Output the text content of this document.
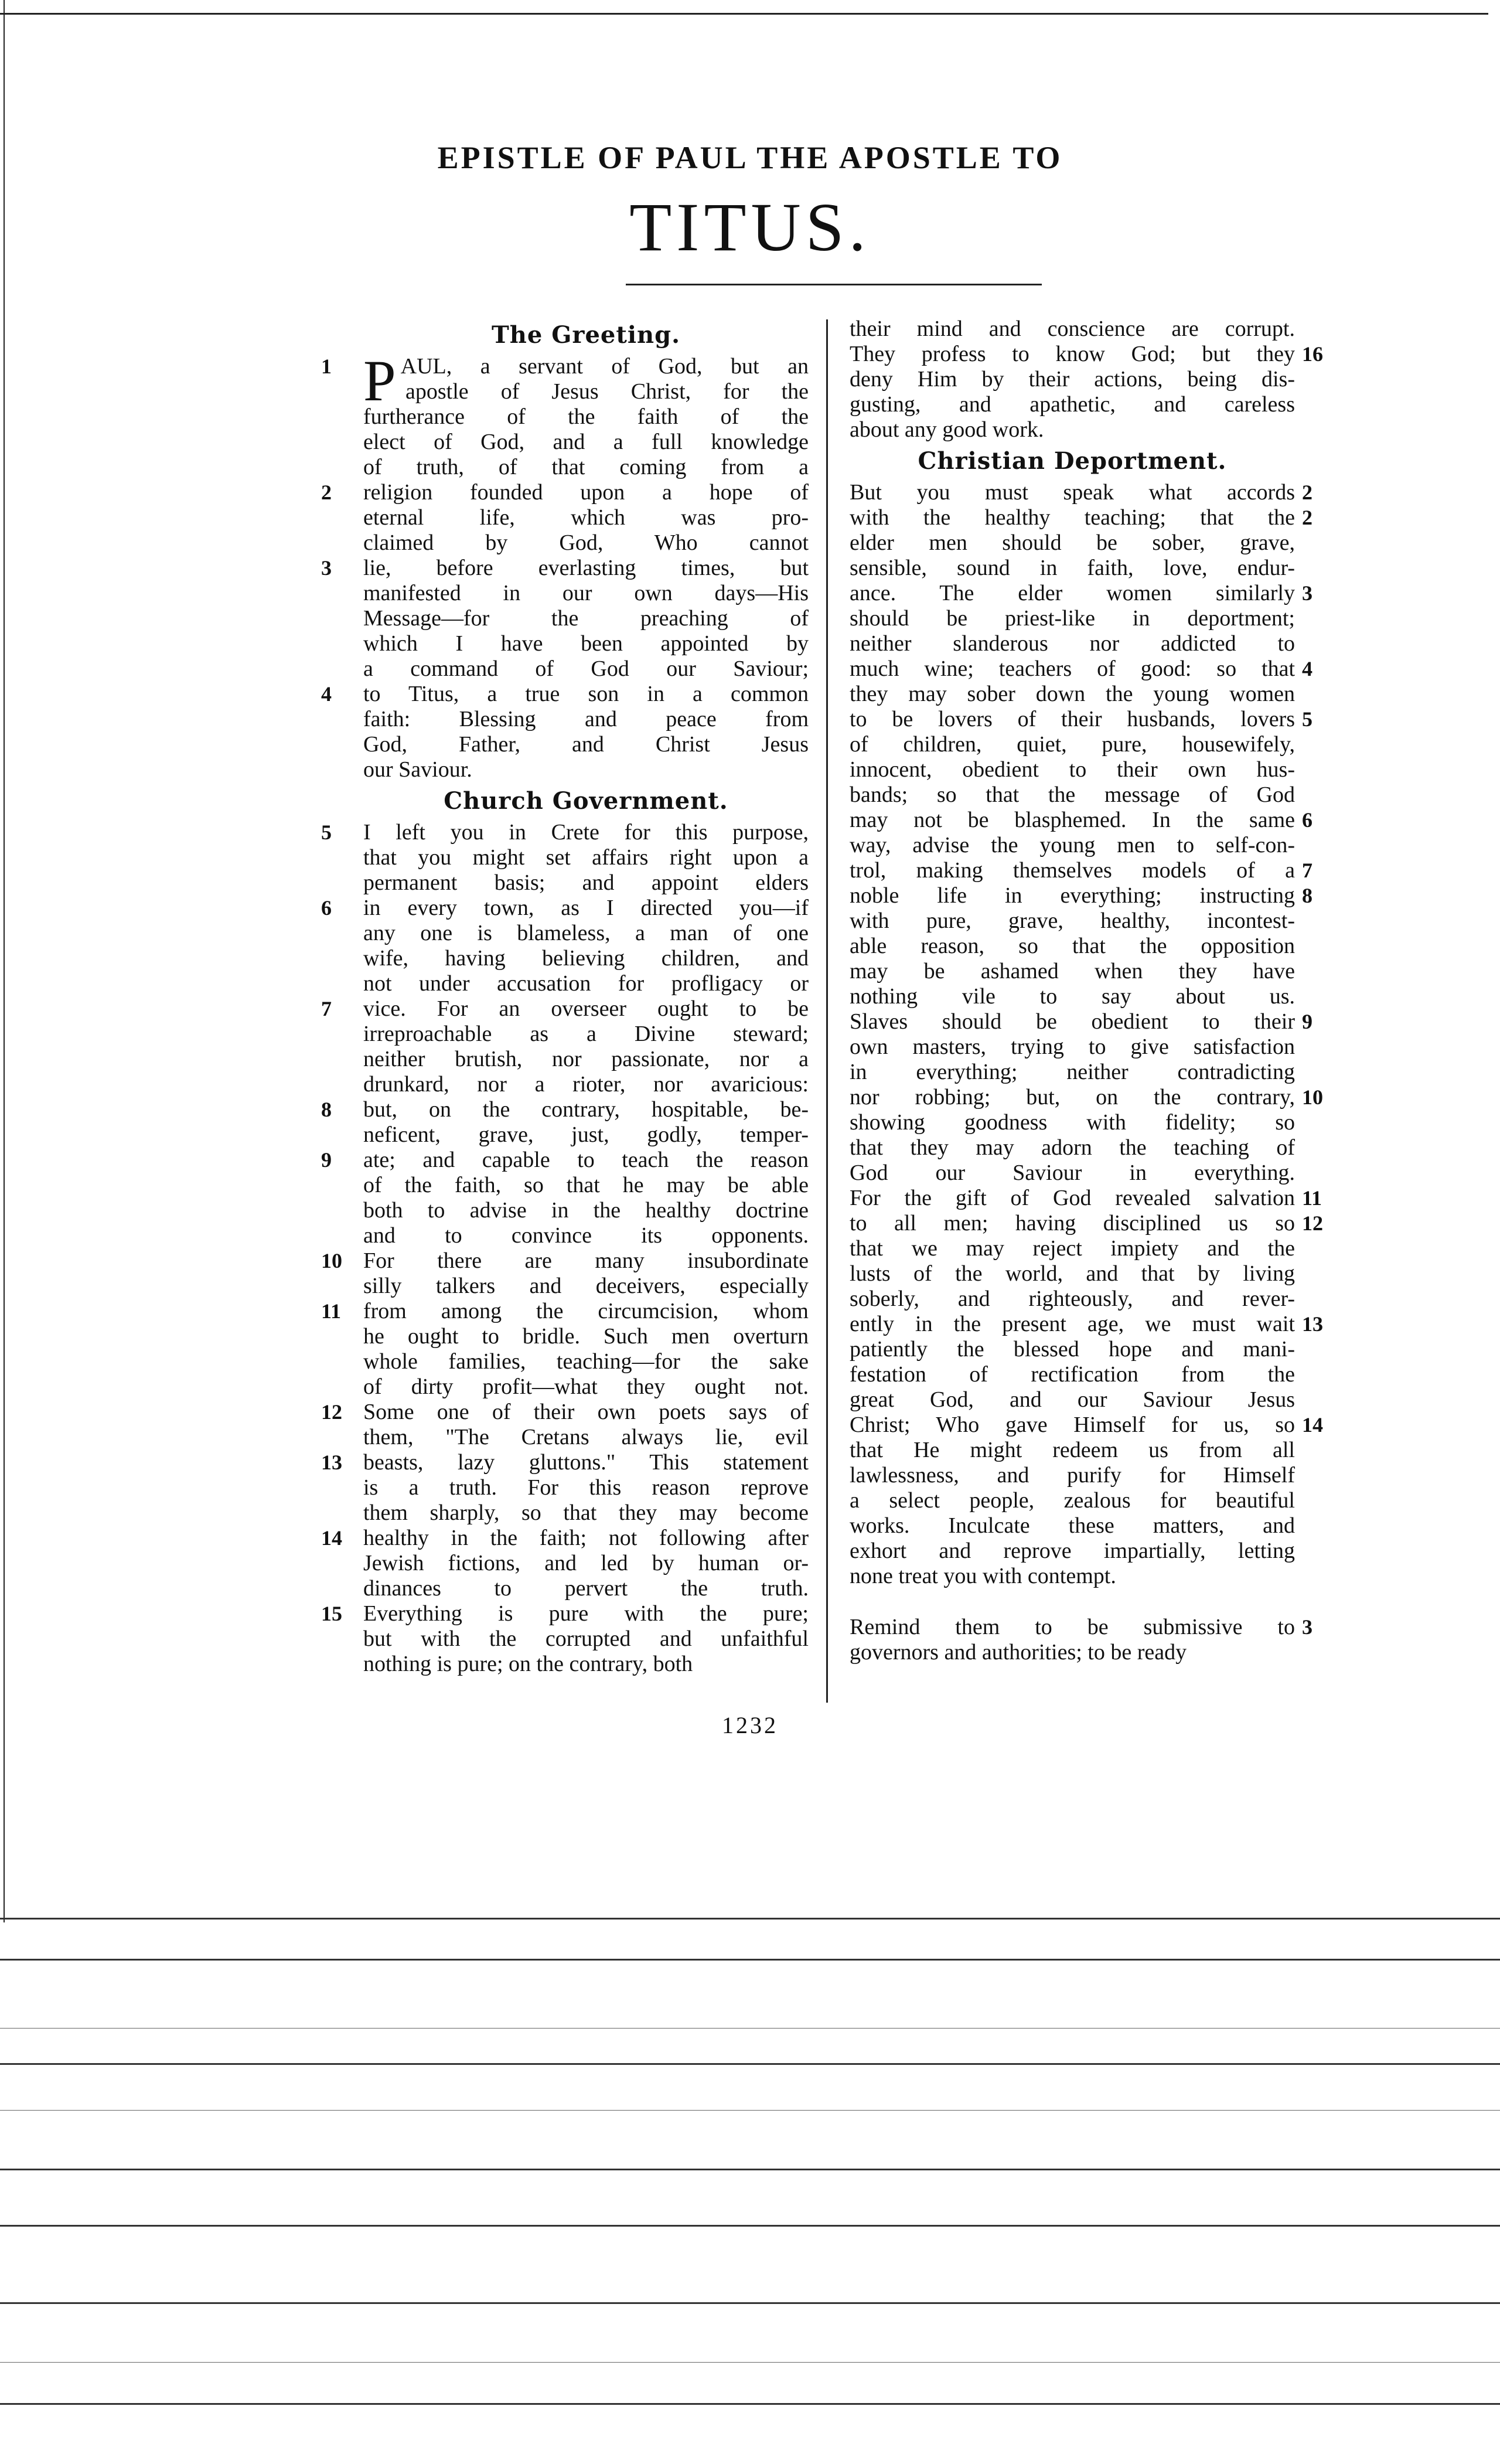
EPISTLE OF PAUL THE APOSTLE TO
TITUS.
The Greeting.
P
1	AUL, a servant of God, but an
apostle of Jesus Christ, for the
furtherance of the faith of the
elect of God, and a full knowledge
of truth, of that coming from a
2	religion founded upon a hope of
eternal life, which was pro-
claimed by God, Who cannot
3	lie, before everlasting times, but
manifested in our own days—His
Message—for the preaching of
which I have been appointed by
a command of God our Saviour;
4	to Titus, a true son in a common
faith: Blessing and peace from
God, Father, and Christ Jesus
our Saviour.
Church Government.
5	I left you in Crete for this purpose,
that you might set affairs right upon a
permanent basis; and appoint elders
6	in every town, as I directed you—if
any one is blameless, a man of one
wife, having believing children, and
not under accusation for profligacy or
7	vice. For an overseer ought to be
irreproachable as a Divine steward;
neither brutish, nor passionate, nor a
drunkard, nor a rioter, nor avaricious:
8	but, on the contrary, hospitable, be-
neficent, grave, just, godly, temper-
9	ate; and capable to teach the reason
of the faith, so that he may be able
both to advise in the healthy doctrine
and to convince its opponents.
10 For there are many insubordinate
silly talkers and deceivers, especially
11 from among the circumcision, whom
he ought to bridle. Such men overturn
whole families, teaching—for the sake
of dirty profit—what they ought not.
12 Some one of their own poets says of
them, "The Cretans always lie, evil
13 beasts, lazy gluttons." This statement
is a truth. For this reason reprove
them sharply, so that they may become
14 healthy in the faith; not following after
Jewish fictions, and led by human or-
dinances to pervert the truth.
15 Everything is pure with the pure;
but with the corrupted and unfaithful
nothing is pure; on the contrary, both
their mind and conscience are corrupt.
16
They profess to know God; but they
deny Him by their actions, being dis-
gusting, and apathetic, and careless
about any good work.
Christian Deportment.
2
But you must speak what accords
2
with the healthy teaching; that the
elder men should be sober, grave,
sensible, sound in faith, love, endur-
3
ance. The elder women similarly
should be priest-like in deportment;
neither slanderous nor addicted to
4
much wine; teachers of good: so that
they may sober down the young women
5
to be lovers of their husbands, lovers
of children, quiet, pure, housewifely,
innocent, obedient to their own hus-
bands; so that the message of God
6
may not be blasphemed. In the same
way, advise the young men to self-con-
7
trol, making themselves models of a
8
noble life in everything; instructing
with pure, grave, healthy, incontest-
able reason, so that the opposition
may be ashamed when they have
nothing vile to say about us.
9
Slaves should be obedient to their
own masters, trying to give satisfaction
in everything; neither contradicting
10
nor robbing; but, on the contrary,
showing goodness with fidelity; so
that they may adorn the teaching of
God our Saviour in everything.
11
For the gift of God revealed salvation
12
to all men; having disciplined us so
that we may reject impiety and the
lusts of the world, and that by living
soberly, and righteously, and rever-
13
ently in the present age, we must wait
patiently the blessed hope and mani-
festation of rectification from the
great God, and our Saviour Jesus
14
Christ; Who gave Himself for us, so
that He might redeem us from all
lawlessness, and purify for Himself
a select people, zealous for beautiful
works. Inculcate these matters, and
exhort and reprove impartially, letting
none treat you with contempt.
3
Remind them to be submissive to
governors and authorities; to be ready
1232
